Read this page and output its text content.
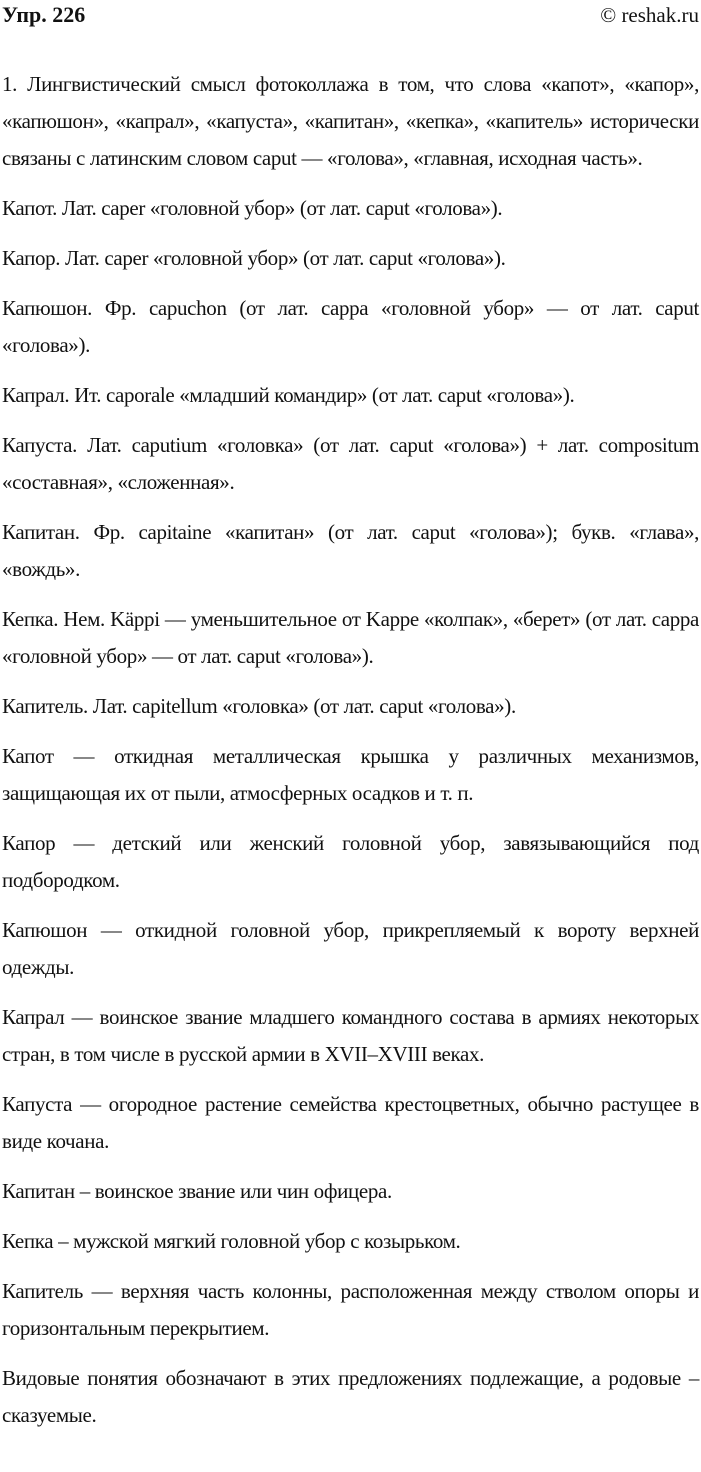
Упр. 226	© reshak.ru

1. Лингвистический смысл фотоколлажа в том, что слова «капот», «капор», «капюшон», «капрал», «капуста», «капитан», «кепка», «капитель» исторически связаны с латинским словом caput — «голова», «главная, исходная часть».

Капот. Лат. caper «головной убор» (от лат. caput «голова»).

Капор. Лат. caper «головной убор» (от лат. caput «голова»).

Капюшон. Фр. capuchon (от лат. cappa «головной убор» — от лат. caput «голова»).

Капрал. Ит. caporale «младший командир» (от лат. caput «голова»).

Капуста. Лат. caputium «головка» (от лат. caput «голова») + лат. compositum «составная», «сложенная».

Капитан. Фр. capitaine «капитан» (от лат. caput «голова»); букв. «глава», «вождь».

Кепка. Нем. Käppi — уменьшительное от Kappe «колпак», «берет» (от лат. cappa «головной убор» — от лат. caput «голова»).

Капитель. Лат. capitellum «головка» (от лат. caput «голова»).

Капот — откидная металлическая крышка у различных механизмов, защищающая их от пыли, атмосферных осадков и т. п.

Капор — детский или женский головной убор, завязывающийся под подбородком.

Капюшон — откидной головной убор, прикрепляемый к вороту верхней одежды.

Капрал — воинское звание младшего командного состава в армиях некоторых стран, в том числе в русской армии в XVII–XVIII веках.

Капуста — огородное растение семейства крестоцветных, обычно растущее в виде кочана.

Капитан – воинское звание или чин офицера.

Кепка – мужской мягкий головной убор с козырьком.

Капитель — верхняя часть колонны, расположенная между стволом опоры и горизонтальным перекрытием.

Видовые понятия обозначают в этих предложениях подлежащие, а родовые – сказуемые.
